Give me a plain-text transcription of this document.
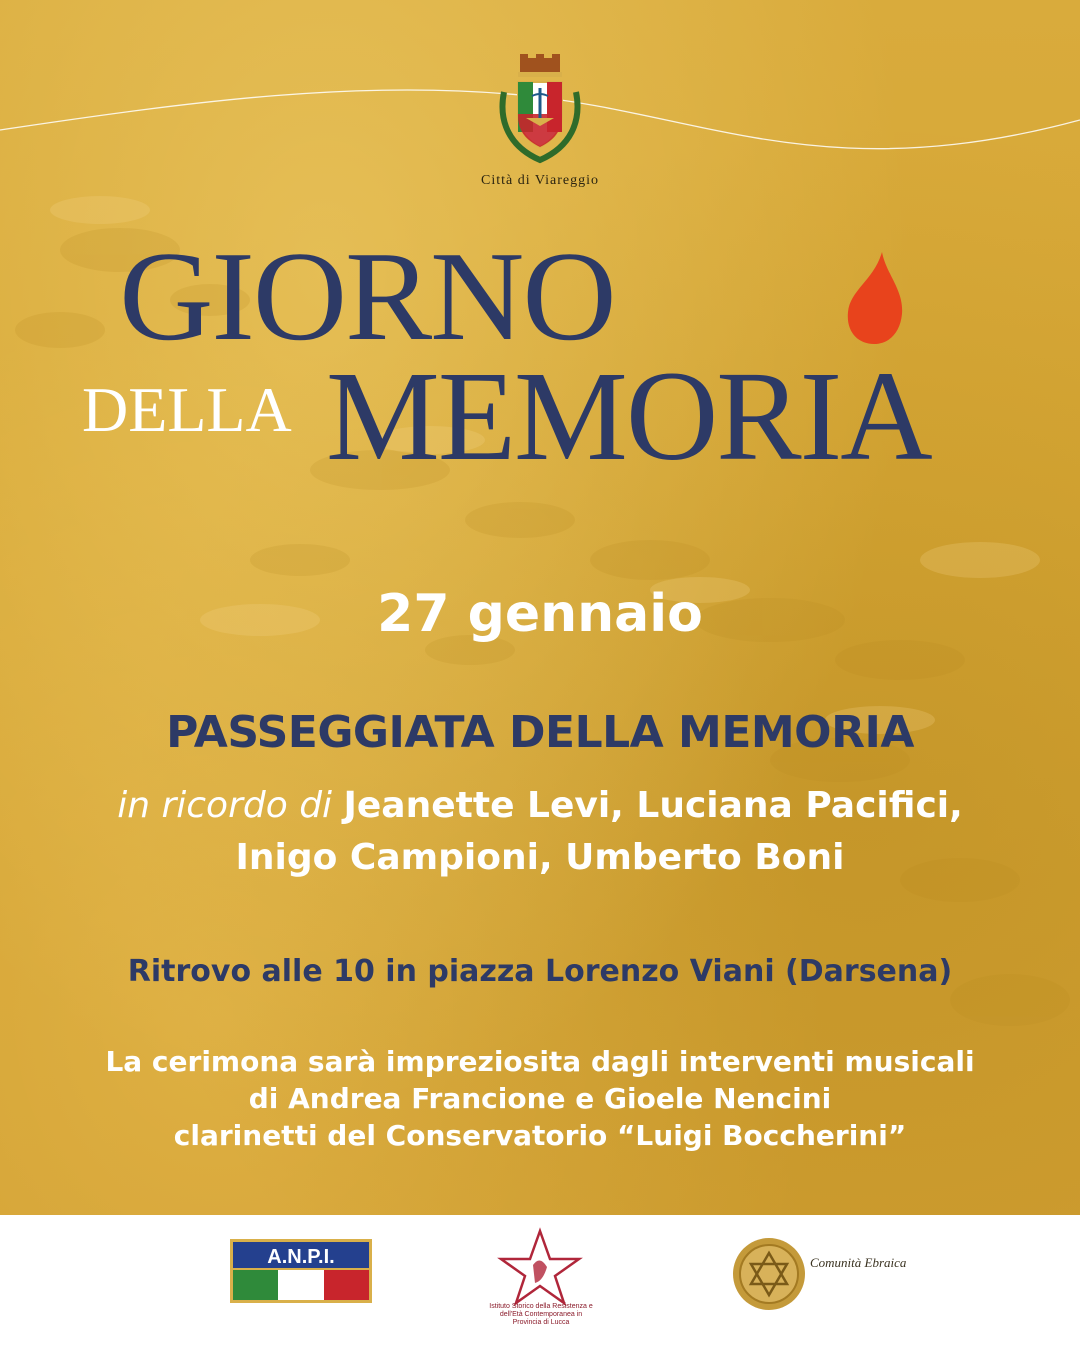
Città di Viareggio
GIORNO
DELLA MEMORIA
27 gennaio
PASSEGGIATA DELLA MEMORIA
in ricordo di Jeanette Levi, Luciana Pacifici,
Inigo Campioni, Umberto Boni
Ritrovo alle 10 in piazza Lorenzo Viani (Darsena)
La cerimona sarà impreziosita dagli interventi musicali
di Andrea Francione e Gioele Nencini
clarinetti del Conservatorio “Luigi Boccherini”
A.N.P.I.
Istituto Storico della Resistenza e dell'Età Contemporanea in Provincia di Lucca
Comunità Ebraica
